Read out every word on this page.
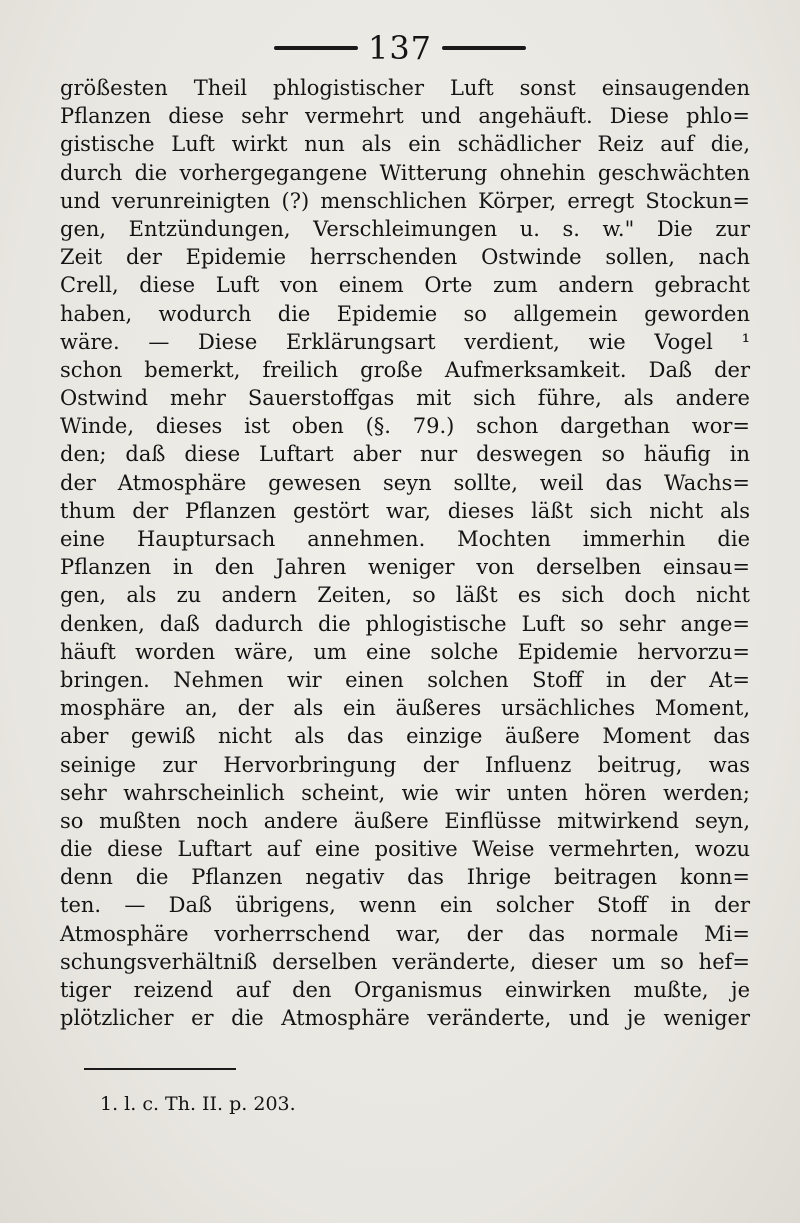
137
größesten Theil phlogistischer Luft sonst einsaugenden
Pflanzen diese sehr vermehrt und angehäuft. Diese phlo=
gistische Luft wirkt nun als ein schädlicher Reiz auf die,
durch die vorhergegangene Witterung ohnehin geschwächten
und verunreinigten (?) menschlichen Körper, erregt Stockun=
gen, Entzündungen, Verschleimungen u. s. w." Die zur
Zeit der Epidemie herrschenden Ostwinde sollen, nach
Crell, diese Luft von einem Orte zum andern gebracht
haben, wodurch die Epidemie so allgemein geworden
wäre. — Diese Erklärungsart verdient, wie Vogel ¹
schon bemerkt, freilich große Aufmerksamkeit. Daß der
Ostwind mehr Sauerstoffgas mit sich führe, als andere
Winde, dieses ist oben (§. 79.) schon dargethan wor=
den; daß diese Luftart aber nur deswegen so häufig in
der Atmosphäre gewesen seyn sollte, weil das Wachs=
thum der Pflanzen gestört war, dieses läßt sich nicht als
eine Hauptursach annehmen. Mochten immerhin die
Pflanzen in den Jahren weniger von derselben einsau=
gen, als zu andern Zeiten, so läßt es sich doch nicht
denken, daß dadurch die phlogistische Luft so sehr ange=
häuft worden wäre, um eine solche Epidemie hervorzu=
bringen. Nehmen wir einen solchen Stoff in der At=
mosphäre an, der als ein äußeres ursächliches Moment,
aber gewiß nicht als das einzige äußere Moment das
seinige zur Hervorbringung der Influenz beitrug, was
sehr wahrscheinlich scheint, wie wir unten hören werden;
so mußten noch andere äußere Einflüsse mitwirkend seyn,
die diese Luftart auf eine positive Weise vermehrten, wozu
denn die Pflanzen negativ das Ihrige beitragen konn=
ten. — Daß übrigens, wenn ein solcher Stoff in der
Atmosphäre vorherrschend war, der das normale Mi=
schungsverhältniß derselben veränderte, dieser um so hef=
tiger reizend auf den Organismus einwirken mußte, je
plötzlicher er die Atmosphäre veränderte, und je weniger
1. l. c. Th. II. p. 203.
